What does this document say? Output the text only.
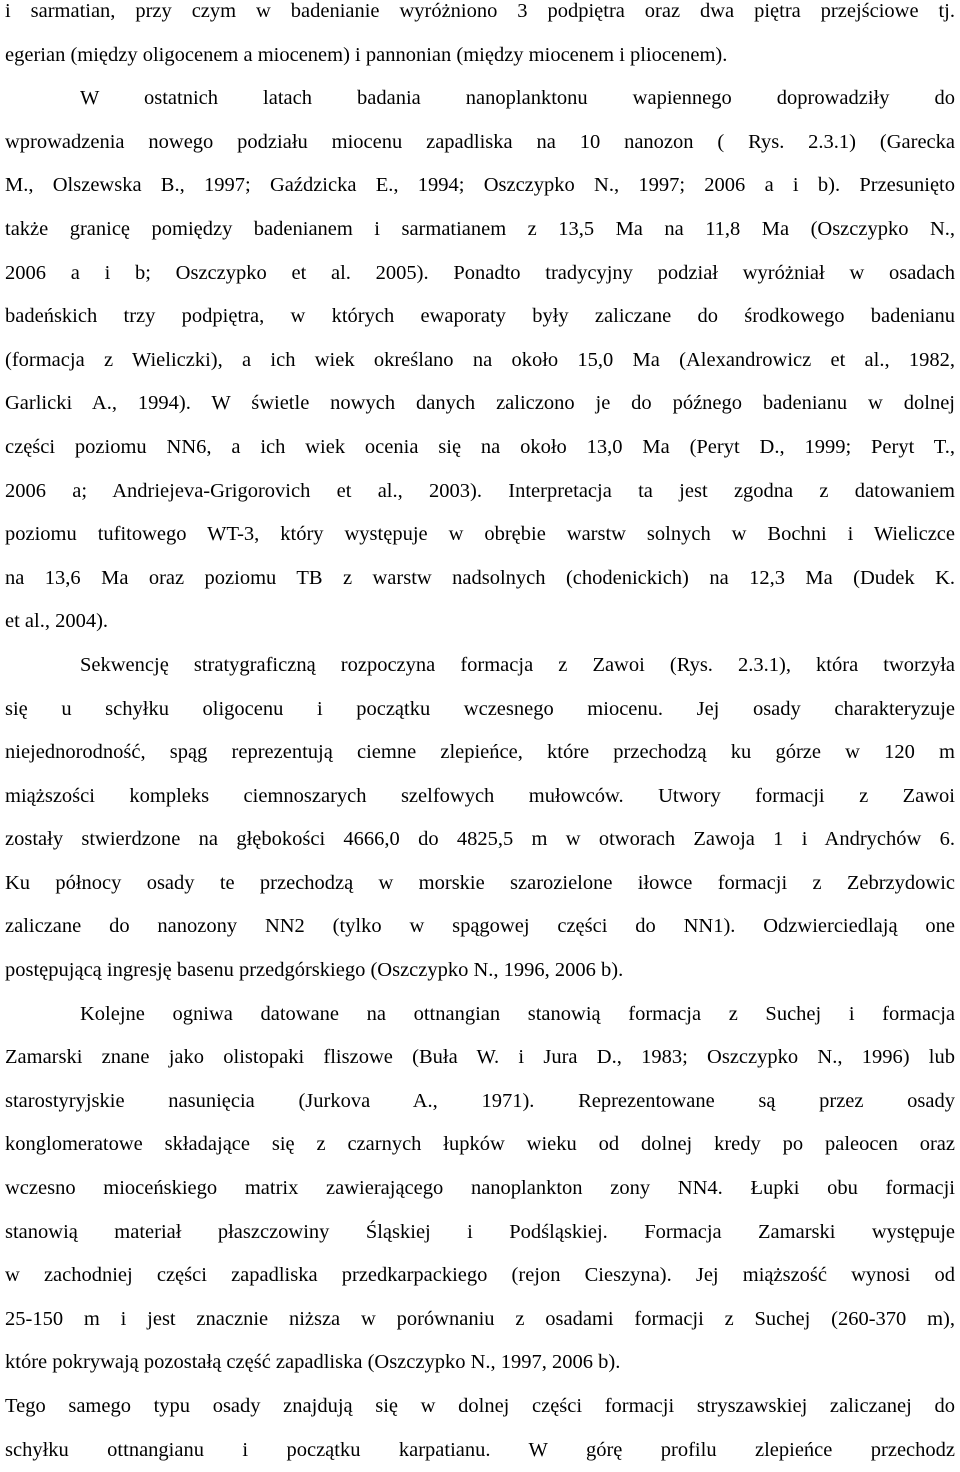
i sarmatian, przy czym w badenianie wyróżniono 3 podpiętra oraz dwa piętra przejściowe tj.
egerian (między oligocenem a miocenem) i pannonian (między miocenem i pliocenem).
W ostatnich latach badania nanoplanktonu wapiennego doprowadziły do
wprowadzenia nowego podziału miocenu zapadliska na 10 nanozon ( Rys. 2.3.1) (Garecka
M., Olszewska B., 1997; Gaździcka E., 1994; Oszczypko N., 1997; 2006 a i b). Przesunięto
także granicę pomiędzy badenianem i sarmatianem z 13,5 Ma na 11,8 Ma (Oszczypko N.,
2006 a i b; Oszczypko et al. 2005). Ponadto tradycyjny podział wyróżniał w osadach
badeńskich trzy podpiętra, w których ewaporaty były zaliczane do środkowego badenianu
(formacja z Wieliczki), a ich wiek określano na około 15,0 Ma (Alexandrowicz et al., 1982,
Garlicki A., 1994). W świetle nowych danych zaliczono je do późnego badenianu w dolnej
części poziomu NN6, a ich wiek ocenia się na około 13,0 Ma (Peryt D., 1999; Peryt T.,
2006 a; Andriejeva-Grigorovich et al., 2003). Interpretacja ta jest zgodna z datowaniem
poziomu tufitowego WT-3, który występuje w obrębie warstw solnych w Bochni i Wieliczce
na 13,6 Ma oraz poziomu TB z warstw nadsolnych (chodenickich) na 12,3 Ma (Dudek K.
et al., 2004).
Sekwencję stratygraficzną rozpoczyna formacja z Zawoi (Rys. 2.3.1), która tworzyła
się u schyłku oligocenu i początku wczesnego miocenu. Jej osady charakteryzuje
niejednorodność, spąg reprezentują ciemne zlepieńce, które przechodzą ku górze w 120 m
miąższości kompleks ciemnoszarych szelfowych mułowców. Utwory formacji z Zawoi
zostały stwierdzone na głębokości 4666,0 do 4825,5 m w otworach Zawoja 1 i Andrychów 6.
Ku północy osady te przechodzą w morskie szarozielone iłowce formacji z Zebrzydowic
zaliczane do nanozony NN2 (tylko w spągowej części do NN1). Odzwierciedlają one
postępującą ingresję basenu przedgórskiego (Oszczypko N., 1996, 2006 b).
Kolejne ogniwa datowane na ottnangian stanowią formacja z Suchej i formacja
Zamarski znane jako olistopaki fliszowe (Buła W. i Jura D., 1983; Oszczypko N., 1996) lub
starostyryjskie nasunięcia (Jurkova A., 1971). Reprezentowane są przez osady
konglomeratowe składające się z czarnych łupków wieku od dolnej kredy po paleocen oraz
wczesno mioceńskiego matrix zawierającego nanoplankton zony NN4. Łupki obu formacji
stanowią materiał płaszczowiny Śląskiej i Podśląskiej. Formacja Zamarski występuje
w zachodniej części zapadliska przedkarpackiego (rejon Cieszyna). Jej miąższość wynosi od
25-150 m i jest znacznie niższa w porównaniu z osadami formacji z Suchej (260-370 m),
które pokrywają pozostałą część zapadliska (Oszczypko N., 1997, 2006 b).
Tego samego typu osady znajdują się w dolnej części formacji stryszawskiej zaliczanej do
schyłku ottnangianu i początku karpatianu. W górę profilu zlepieńce przechodz
